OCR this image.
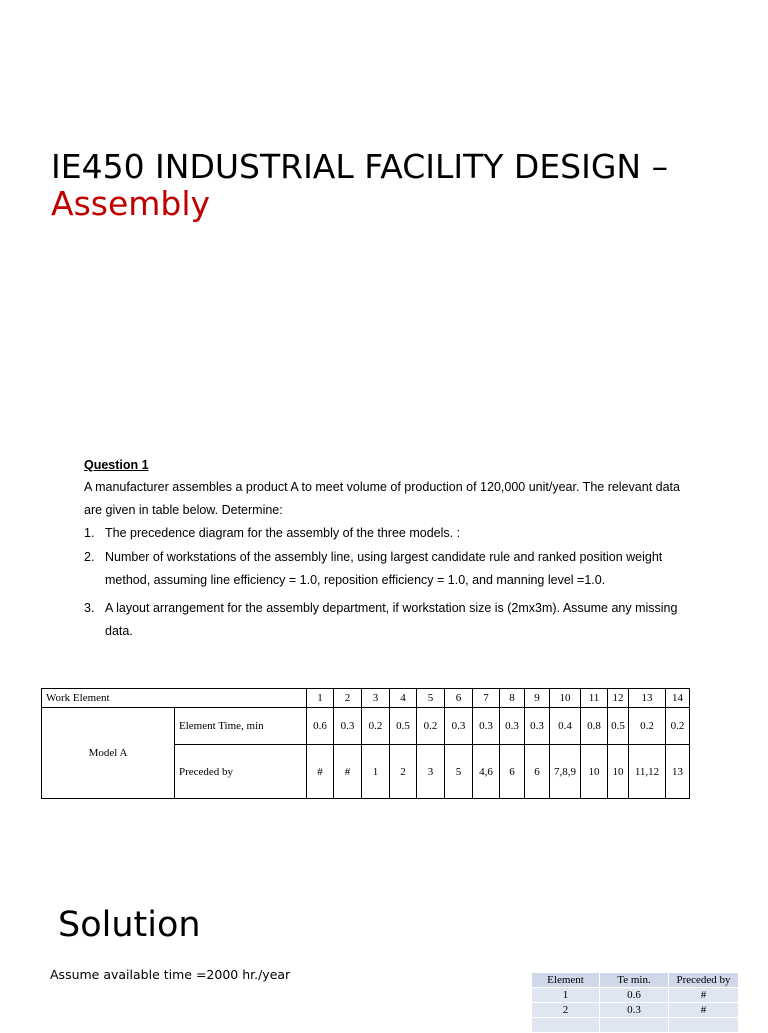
IE450 INDUSTRIAL FACILITY DESIGN –
Assembly
Question 1
A manufacturer assembles a product A to meet volume of production of 120,000 unit/year. The relevant data are given in table below. Determine:
1. The precedence diagram for the assembly of the three models. :
2. Number of workstations of the assembly line, using largest candidate rule and ranked position weight method, assuming line efficiency = 1.0, reposition efficiency = 1.0, and manning level =1.0.
3. A layout arrangement for the assembly department, if workstation size is (2mx3m). Assume any missing data.
Work Element		1	2	3	4	5	6	7	8	9	10	11	12	13	14
Model A	Element Time, min	0.6	0.3	0.2	0.5	0.2	0.3	0.3	0.3	0.3	0.4	0.8	0.5	0.2	0.2
	Preceded by	#	#	1	2	3	5	4,6	6	6	7,8,9	10	10	11,12	13
Solution
Assume available time =2000 hr./year	Element	Te min.	Preceded by
1	0.6	#
2	0.3	#
